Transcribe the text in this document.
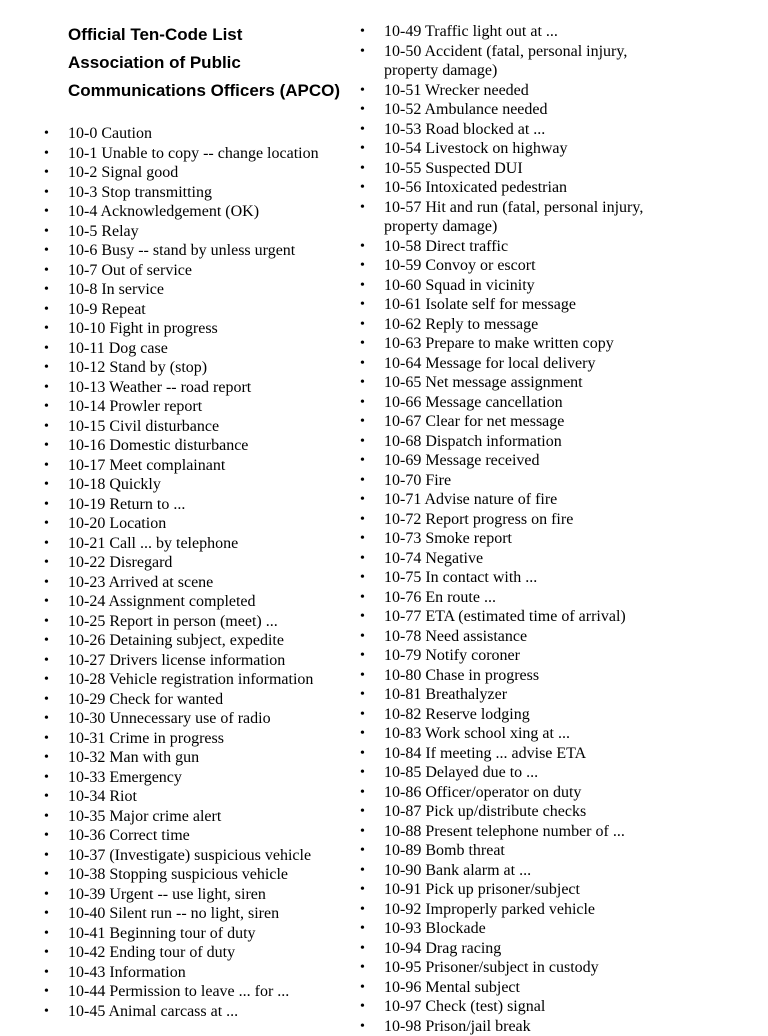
Official Ten-Code List
Association of Public
Communications Officers (APCO)
• 10-0 Caution
• 10-1 Unable to copy -- change location
• 10-2 Signal good
• 10-3 Stop transmitting
• 10-4 Acknowledgement (OK)
• 10-5 Relay
• 10-6 Busy -- stand by unless urgent
• 10-7 Out of service
• 10-8 In service
• 10-9 Repeat
• 10-10 Fight in progress
• 10-11 Dog case
• 10-12 Stand by (stop)
• 10-13 Weather -- road report
• 10-14 Prowler report
• 10-15 Civil disturbance
• 10-16 Domestic disturbance
• 10-17 Meet complainant
• 10-18 Quickly
• 10-19 Return to ...
• 10-20 Location
• 10-21 Call ... by telephone
• 10-22 Disregard
• 10-23 Arrived at scene
• 10-24 Assignment completed
• 10-25 Report in person (meet) ...
• 10-26 Detaining subject, expedite
• 10-27 Drivers license information
• 10-28 Vehicle registration information
• 10-29 Check for wanted
• 10-30 Unnecessary use of radio
• 10-31 Crime in progress
• 10-32 Man with gun
• 10-33 Emergency
• 10-34 Riot
• 10-35 Major crime alert
• 10-36 Correct time
• 10-37 (Investigate) suspicious vehicle
• 10-38 Stopping suspicious vehicle
• 10-39 Urgent -- use light, siren
• 10-40 Silent run -- no light, siren
• 10-41 Beginning tour of duty
• 10-42 Ending tour of duty
• 10-43 Information
• 10-44 Permission to leave ... for ...
• 10-45 Animal carcass at ...
• 10-49 Traffic light out at ...
• 10-50 Accident (fatal, personal injury, property damage)
• 10-51 Wrecker needed
• 10-52 Ambulance needed
• 10-53 Road blocked at ...
• 10-54 Livestock on highway
• 10-55 Suspected DUI
• 10-56 Intoxicated pedestrian
• 10-57 Hit and run (fatal, personal injury, property damage)
• 10-58 Direct traffic
• 10-59 Convoy or escort
• 10-60 Squad in vicinity
• 10-61 Isolate self for message
• 10-62 Reply to message
• 10-63 Prepare to make written copy
• 10-64 Message for local delivery
• 10-65 Net message assignment
• 10-66 Message cancellation
• 10-67 Clear for net message
• 10-68 Dispatch information
• 10-69 Message received
• 10-70 Fire
• 10-71 Advise nature of fire
• 10-72 Report progress on fire
• 10-73 Smoke report
• 10-74 Negative
• 10-75 In contact with ...
• 10-76 En route ...
• 10-77 ETA (estimated time of arrival)
• 10-78 Need assistance
• 10-79 Notify coroner
• 10-80 Chase in progress
• 10-81 Breathalyzer
• 10-82 Reserve lodging
• 10-83 Work school xing at ...
• 10-84 If meeting ... advise ETA
• 10-85 Delayed due to ...
• 10-86 Officer/operator on duty
• 10-87 Pick up/distribute checks
• 10-88 Present telephone number of ...
• 10-89 Bomb threat
• 10-90 Bank alarm at ...
• 10-91 Pick up prisoner/subject
• 10-92 Improperly parked vehicle
• 10-93 Blockade
• 10-94 Drag racing
• 10-95 Prisoner/subject in custody
• 10-96 Mental subject
• 10-97 Check (test) signal
• 10-98 Prison/jail break
